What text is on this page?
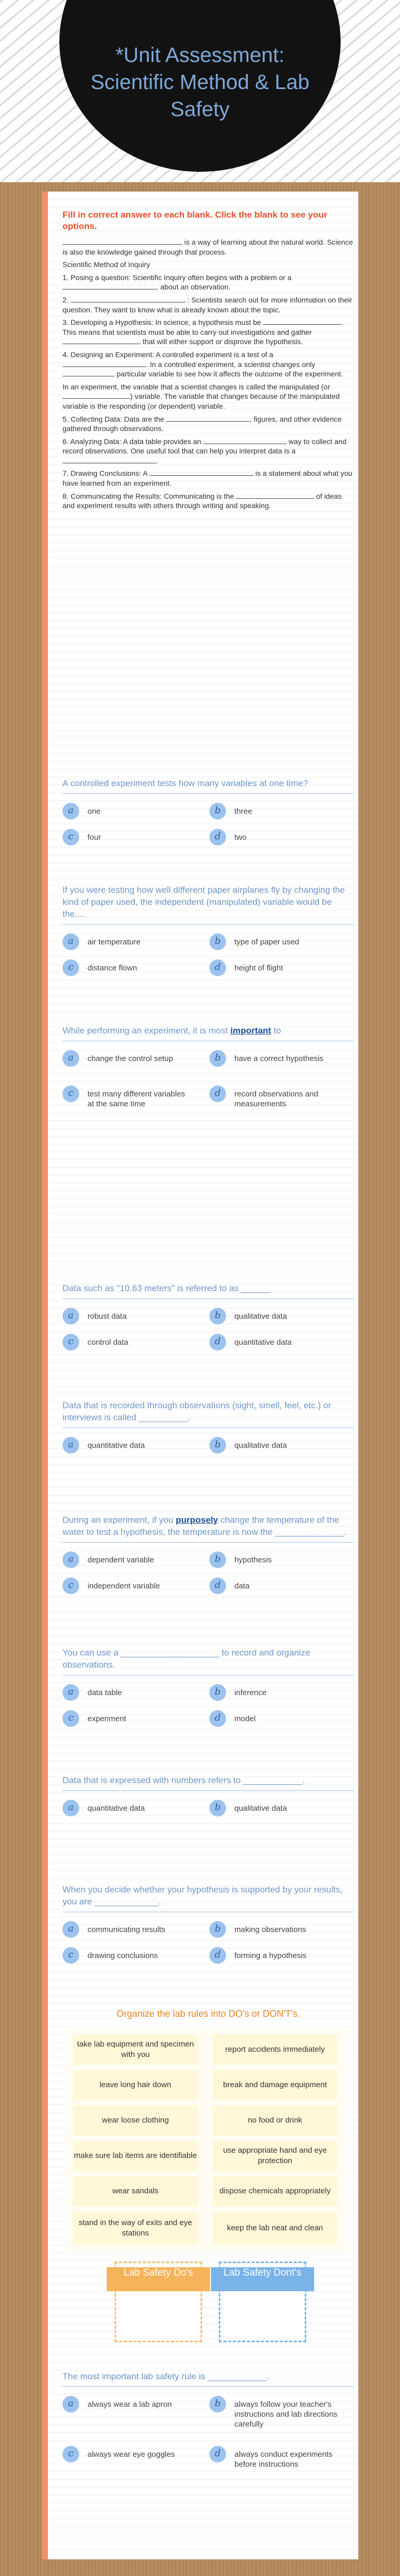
*Unit Assessment:
Scientific Method & Lab
Safety
Fill in correct answer to each blank. Click the blank to see your options.

is a way of learning about the natural world. Science is also the knowledge gained through that process.

Scientific Method of Inquiry

1. Posing a question: Scientific Inquiry often begins with a problem or a , about an observation.

2.	: Scientists search out for more information on their question. They want to know what is already known about the topic.

3. Developing a Hypothesis: In science, a hypothesis must be	. This means that scientists must be able to carry out investigations and gather  that will either support or disprove the hypothesis.

4. Designing an Experiment: A controlled experiment is a test of a . In a controlled experiment, a scientist changes only  particular variable to see how it affects the outcome of the experiment.

In an experiment, the variable that a scientist changes is called the manipulated (or ) variable. The variable that changes because of the manipulated variable is the responding (or dependent) variable.

5. Collecting Data: Data are the	, figures, and other evidence gathered through observations.

6. Analyzing Data: A data table provides an	way to collect and record observations. One useful tool that can help you interpret data is a .

7. Drawing Conclusions: A	is a statement about what you have learned from an experiment.

8. Communicating the Results: Communicating is the	of ideas and experiment results with others through writing and speaking.

A controlled experiment tests how many variables at one time?
a	one	b	three
c	four	d	two
If you were testing how well different paper airplanes fly by changing the kind of paper used, the independent (manipulated) variable would be the....
a	air temperature	b	type of paper used
c	distance flown	d	height of flight
While performing an experiment, it is most important to
a	change the control setup	b	have a correct hypothesis
c	test many different variables at the same time
d	record observations and measurements
Data such as "10.63 meters" is referred to as ______
a	robust data	b	qualitative data
c	control data	d	quantitative data
Data that is recorded through observations (sight, smell, feel, etc.) or interviews is called __________.
a	quantitative data	b	qualitative data
During an experiment, if you purposely change the temperature of the water to test a hypothesis, the temperature is now the ______________.
a	dependent variable	b	hypothesis
c	independent variable	d	data
You can use a ____________________ to record and organize observations.
a	data table	b	inference
c	experiment	d	model
Data that is expressed with numbers refers to ____________.
a	quantitative data	b	qualitative data
When you decide whether your hypothesis is supported by your results, you are _____________.
a	communicating results	b	making observations
c	drawing conclusions	d	forming a hypothesis
Organize the lab rules into DO's or DON'T's.
take lab equipment and specimen with you
report accidents immediately
leave long hair down	break and damage equipment
wear loose clothing	no food or drink
make sure lab items are identifiable
use appropriate hand and eye protection
wear sandals	dispose chemicals appropriately
stand in the way of exits and eye stations
keep the lab neat and clean
Lab Safety Do's	Lab Safety Dont's
The most important lab safety rule is ____________.
a	always wear a lab apron	b	always follow your teacher's instructions and lab directions carefully
c	always wear eye goggles	d	always conduct experiments before instructions
